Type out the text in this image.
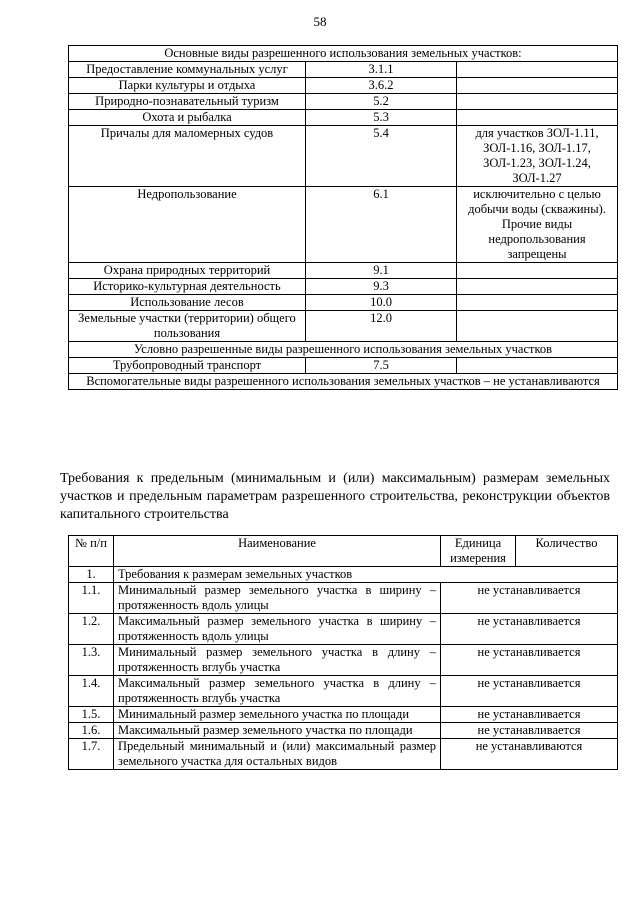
58
Основные виды разрешенного использования земельных участков:		
Предоставление коммунальных услуг	3.1.1	
Парки культуры и отдыха	3.6.2	
Природно-познавательный туризм	5.2	
Охота и рыбалка	5.3	
Причалы для маломерных судов	5.4	для участков ЗОЛ-1.11, ЗОЛ-1.16, ЗОЛ-1.17, ЗОЛ-1.23, ЗОЛ-1.24, ЗОЛ-1.27
Недропользование	6.1	исключительно с целью добычи воды (скважины). Прочие виды недропользования запрещены
Охрана природных территорий	9.1	
Историко-культурная деятельность	9.3	
Использование лесов	10.0	
Земельные участки (территории) общего пользования	12.0	
Условно разрешенные виды разрешенного использования земельных участков		
Трубопроводный транспорт	7.5	
Вспомогательные виды разрешенного использования земельных участков – не устанавливаются		

Требования к предельным (минимальным и (или) максимальным) размерам земельных участков и предельным параметрам разрешенного строительства, реконструкции объектов капитального строительства

№ п/п	Наименование	Единица измерения	Количество
1.	Требования к размерам земельных участков		
1.1.	Минимальный размер земельного участка в ширину – протяженность вдоль улицы	не устанавливается	
1.2.	Максимальный размер земельного участка в ширину – протяженность вдоль улицы	не устанавливается	
1.3.	Минимальный размер земельного участка в длину – протяженность вглубь участка	не устанавливается	
1.4.	Максимальный размер земельного участка в длину – протяженность вглубь участка	не устанавливается	
1.5.	Минимальный размер земельного участка по площади	не устанавливается	
1.6.	Максимальный размер земельного участка по площади	не устанавливается	
1.7.	Предельный минимальный и (или) максимальный размер земельного участка для остальных видов	не устанавливаются	
